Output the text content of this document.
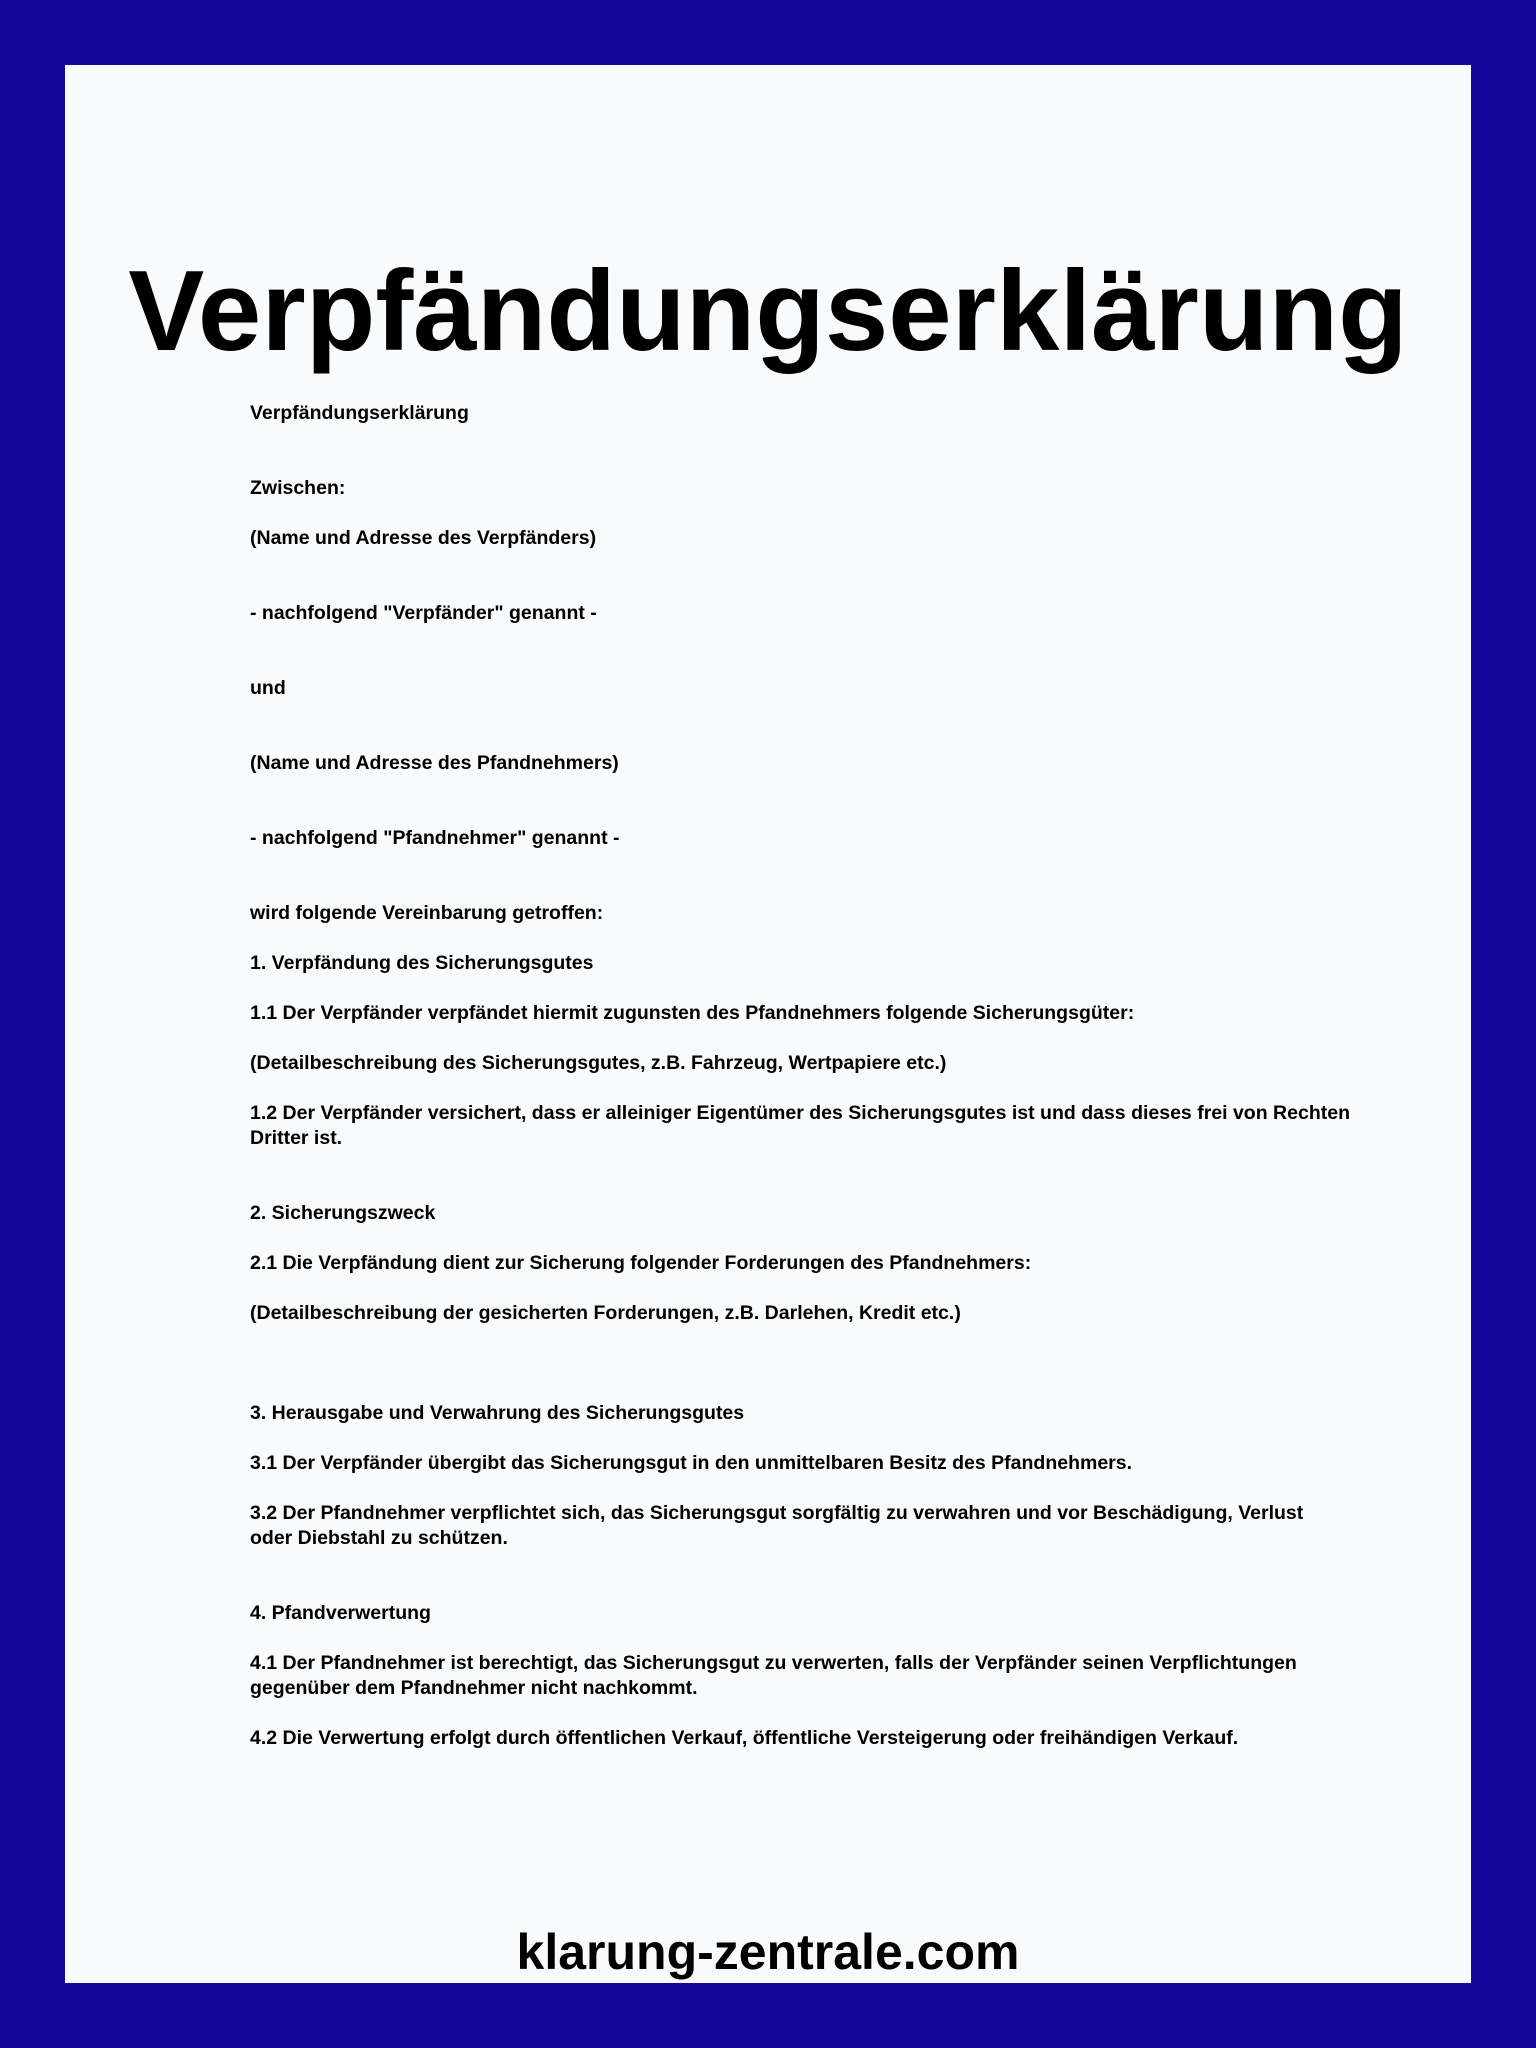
Verpfändungserklärung

Verpfändungserklärung

Zwischen:

(Name und Adresse des Verpfänders)

- nachfolgend "Verpfänder" genannt -

und

(Name und Adresse des Pfandnehmers)

- nachfolgend "Pfandnehmer" genannt -

wird folgende Vereinbarung getroffen:

1. Verpfändung des Sicherungsgutes

1.1 Der Verpfänder verpfändet hiermit zugunsten des Pfandnehmers folgende Sicherungsgüter:

(Detailbeschreibung des Sicherungsgutes, z.B. Fahrzeug, Wertpapiere etc.)

1.2 Der Verpfänder versichert, dass er alleiniger Eigentümer des Sicherungsgutes ist und dass dieses frei von Rechten Dritter ist.

2. Sicherungszweck

2.1 Die Verpfändung dient zur Sicherung folgender Forderungen des Pfandnehmers:

(Detailbeschreibung der gesicherten Forderungen, z.B. Darlehen, Kredit etc.)

3. Herausgabe und Verwahrung des Sicherungsgutes

3.1 Der Verpfänder übergibt das Sicherungsgut in den unmittelbaren Besitz des Pfandnehmers.

3.2 Der Pfandnehmer verpflichtet sich, das Sicherungsgut sorgfältig zu verwahren und vor Beschädigung, Verlust oder Diebstahl zu schützen.

4. Pfandverwertung

4.1 Der Pfandnehmer ist berechtigt, das Sicherungsgut zu verwerten, falls der Verpfänder seinen Verpflichtungen gegenüber dem Pfandnehmer nicht nachkommt.

4.2 Die Verwertung erfolgt durch öffentlichen Verkauf, öffentliche Versteigerung oder freihändigen Verkauf.

klarung-zentrale.com
